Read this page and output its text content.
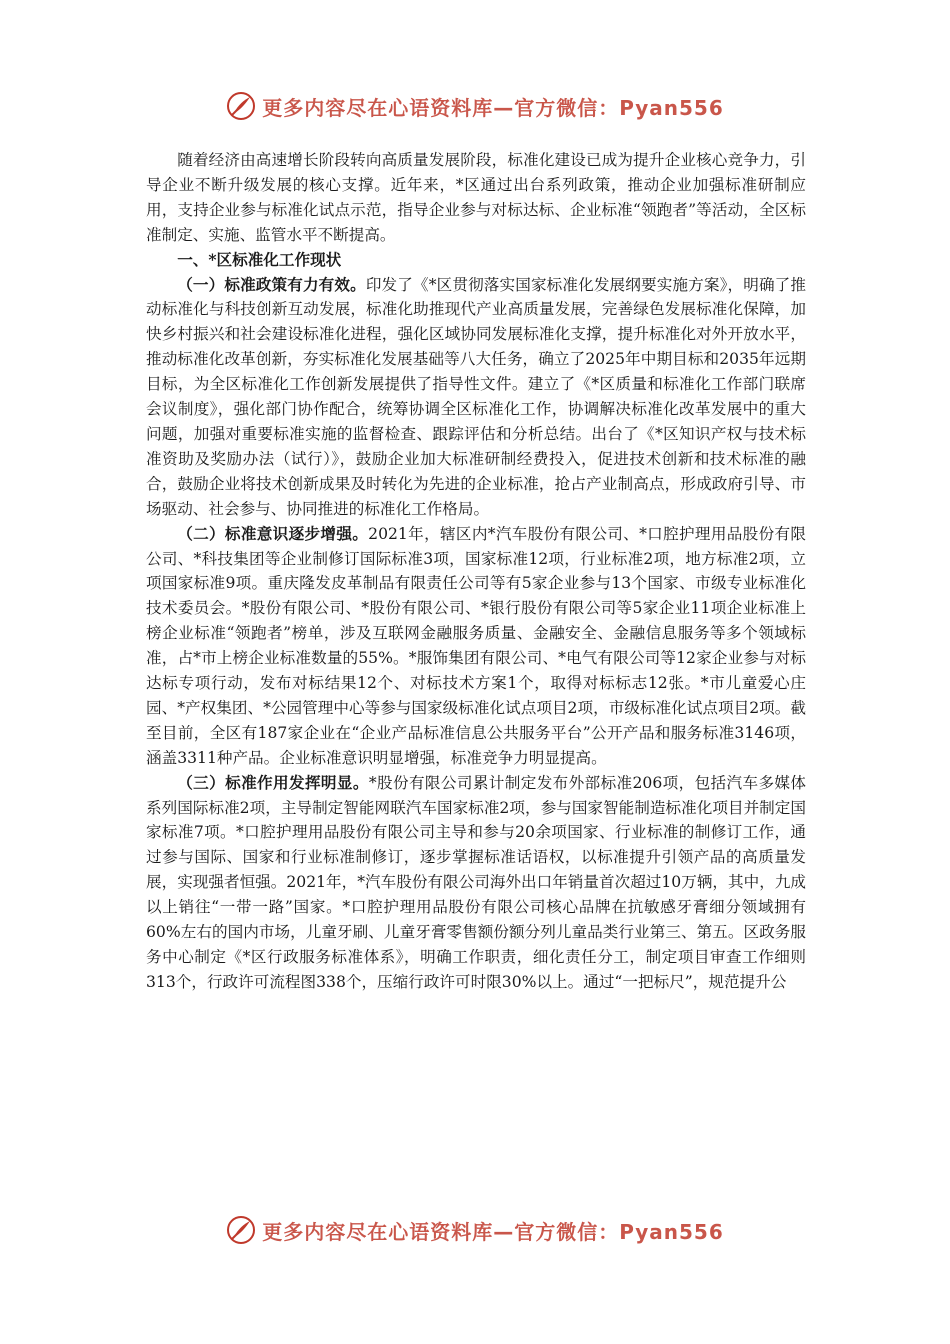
更多内容尽在心语资料库—官方微信：Pyan556

随着经济由高速增长阶段转向高质量发展阶段，标准化建设已成为提升企业核心竞争力，引导企业不断升级发展的核心支撑。近年来，*区通过出台系列政策，推动企业加强标准研制应用，支持企业参与标准化试点示范，指导企业参与对标达标、企业标准“领跑者”等活动，全区标准制定、实施、监管水平不断提高。

一、*区标准化工作现状

（一）标准政策有力有效。印发了《*区贯彻落实国家标准化发展纲要实施方案》，明确了推动标准化与科技创新互动发展，标准化助推现代产业高质量发展，完善绿色发展标准化保障，加快乡村振兴和社会建设标准化进程，强化区域协同发展标准化支撑，提升标准化对外开放水平，推动标准化改革创新，夯实标准化发展基础等八大任务，确立了2025年中期目标和2035年远期目标，为全区标准化工作创新发展提供了指导性文件。建立了《*区质量和标准化工作部门联席会议制度》，强化部门协作配合，统筹协调全区标准化工作，协调解决标准化改革发展中的重大问题，加强对重要标准实施的监督检查、跟踪评估和分析总结。出台了《*区知识产权与技术标准资助及奖励办法（试行）》，鼓励企业加大标准研制经费投入，促进技术创新和技术标准的融合，鼓励企业将技术创新成果及时转化为先进的企业标准，抢占产业制高点，形成政府引导、市场驱动、社会参与、协同推进的标准化工作格局。

（二）标准意识逐步增强。2021年，辖区内*汽车股份有限公司、*口腔护理用品股份有限公司、*科技集团等企业制修订国际标准3项，国家标准12项，行业标准2项，地方标准2项，立项国家标准9项。重庆隆发皮革制品有限责任公司等有5家企业参与13个国家、市级专业标准化技术委员会。*股份有限公司、*股份有限公司、*银行股份有限公司等5家企业11项企业标准上榜企业标准“领跑者”榜单，涉及互联网金融服务质量、金融安全、金融信息服务等多个领域标准，占*市上榜企业标准数量的55%。*服饰集团有限公司、*电气有限公司等12家企业参与对标达标专项行动，发布对标结果12个、对标技术方案1个，取得对标标志12张。*市儿童爱心庄园、*产权集团、*公园管理中心等参与国家级标准化试点项目2项，市级标准化试点项目2项。截至目前，全区有187家企业在“企业产品标准信息公共服务平台”公开产品和服务标准3146项，涵盖3311种产品。企业标准意识明显增强，标准竞争力明显提高。

（三）标准作用发挥明显。*股份有限公司累计制定发布外部标准206项，包括汽车多媒体系列国际标准2项，主导制定智能网联汽车国家标准2项，参与国家智能制造标准化项目并制定国家标准7项。*口腔护理用品股份有限公司主导和参与20余项国家、行业标准的制修订工作，通过参与国际、国家和行业标准制修订，逐步掌握标准话语权，以标准提升引领产品的高质量发展，实现强者恒强。2021年，*汽车股份有限公司海外出口年销量首次超过10万辆，其中，九成以上销往“一带一路”国家。*口腔护理用品股份有限公司核心品牌在抗敏感牙膏细分领域拥有60%左右的国内市场，儿童牙刷、儿童牙膏零售额份额分列儿童品类行业第三、第五。区政务服务中心制定《*区行政服务标准体系》，明确工作职责，细化责任分工，制定项目审查工作细则313个，行政许可流程图338个，压缩行政许可时限30%以上。通过“一把标尺”，规范提升公

更多内容尽在心语资料库—官方微信：Pyan556
